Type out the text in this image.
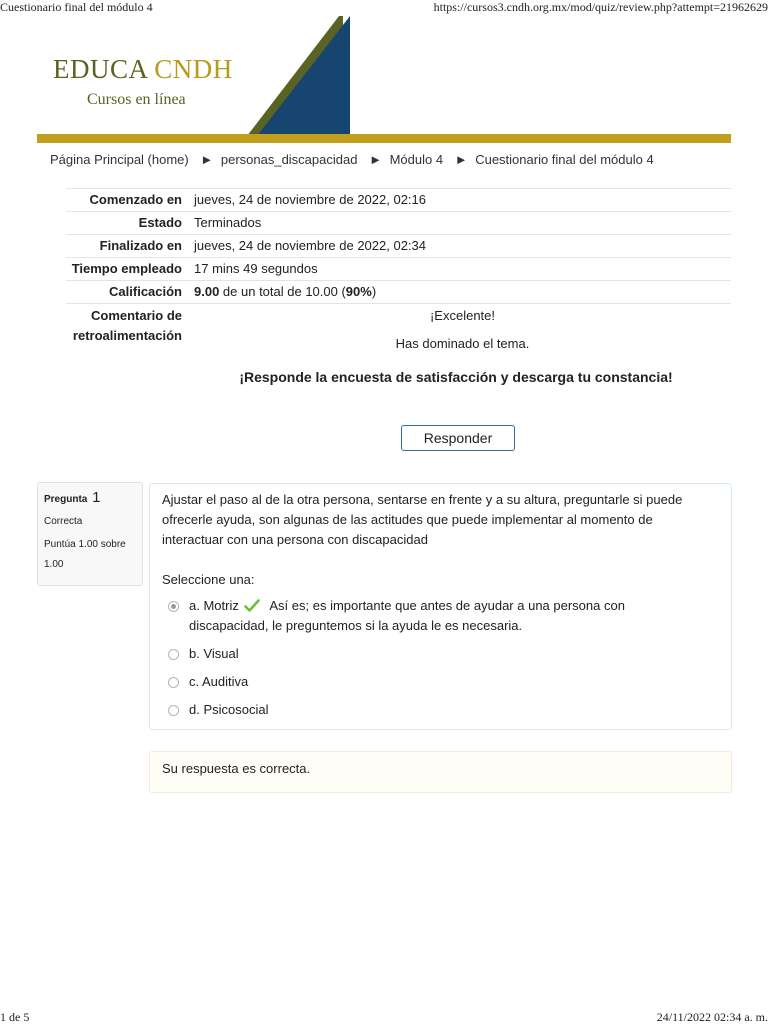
Cuestionario final del módulo 4	https://cursos3.cndh.org.mx/mod/quiz/review.php?attempt=21962629
EDUCA CNDH
Cursos en línea
Página Principal (home) ► personas_discapacidad ► Módulo 4 ► Cuestionario final del módulo 4
Comenzado en jueves, 24 de noviembre de 2022, 02:16
Estado Terminados
Finalizado en jueves, 24 de noviembre de 2022, 02:34
Tiempo empleado 17 mins 49 segundos
Calificación 9.00 de un total de 10.00 (90%)
Comentario de retroalimentación
¡Excelente!
Has dominado el tema.
¡Responde la encuesta de satisfacción y descarga tu constancia!
Responder
Pregunta 1
Correcta
Puntúa 1.00 sobre 1.00
Ajustar el paso al de la otra persona, sentarse en frente y a su altura, preguntarle si puede ofrecerle ayuda, son algunas de las actitudes que puede implementar al momento de interactuar con una persona con discapacidad
Seleccione una:
a. Motriz Así es; es importante que antes de ayudar a una persona con discapacidad, le preguntemos si la ayuda le es necesaria.
b. Visual
c. Auditiva
d. Psicosocial
Su respuesta es correcta.
1 de 5	24/11/2022 02:34 a. m.
